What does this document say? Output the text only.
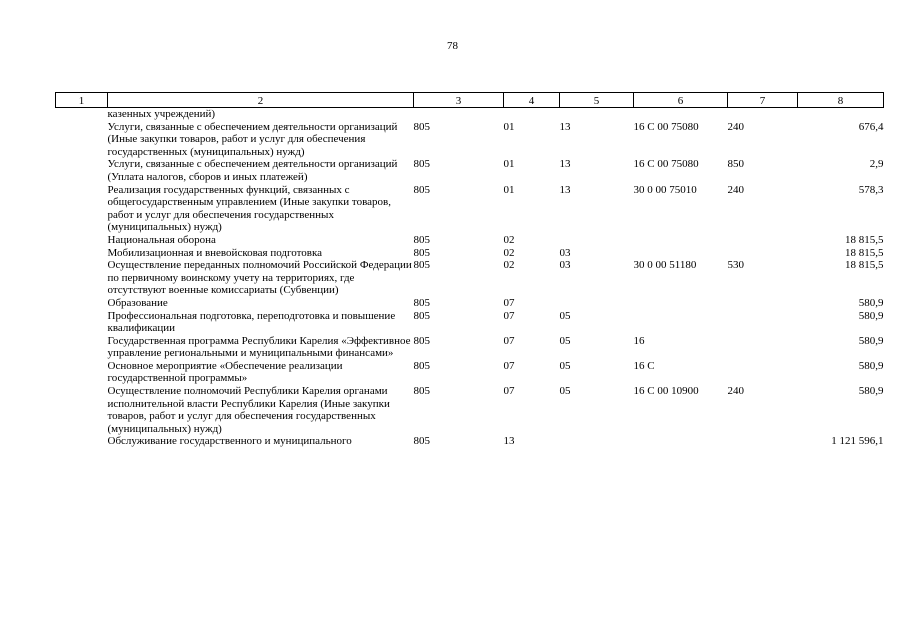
78
1	2	3	4	5	6	7	8
	казенных учреждений)						
	Услуги, связанные с обеспечением деятельности организаций (Иные закупки товаров, работ и услуг для обеспечения государственных (муниципальных) нужд)	805	01	13	16 С 00 75080	240	676,4
	Услуги, связанные с обеспечением деятельности организаций (Уплата налогов, сборов и иных платежей)	805	01	13	16 С 00 75080	850	2,9
	Реализация государственных функций, связанных с общегосударственным управлением (Иные закупки товаров, работ и услуг для обеспечения государственных (муниципальных) нужд)	805	01	13	30 0 00 75010	240	578,3
	Национальная оборона	805	02				18 815,5
	Мобилизационная и вневойсковая подготовка	805	02	03			18 815,5
	Осуществление переданных полномочий Российской Федерации по первичному воинскому учету на территориях, где отсутствуют военные комиссариаты (Субвенции)	805	02	03	30 0 00 51180	530	18 815,5
	Образование	805	07				580,9
	Профессиональная подготовка, переподготовка и повышение квалификации	805	07	05			580,9
	Государственная программа Республики Карелия «Эффективное управление региональными и муниципальными финансами»	805	07	05	16		580,9
	Основное мероприятие «Обеспечение реализации государственной программы»	805	07	05	16 С		580,9
	Осуществление полномочий Республики Карелия органами исполнительной власти Республики Карелия (Иные закупки товаров, работ и услуг для обеспечения государственных (муниципальных) нужд)	805	07	05	16 С 00 10900	240	580,9
	Обслуживание государственного и муниципального	805	13				1 121 596,1
